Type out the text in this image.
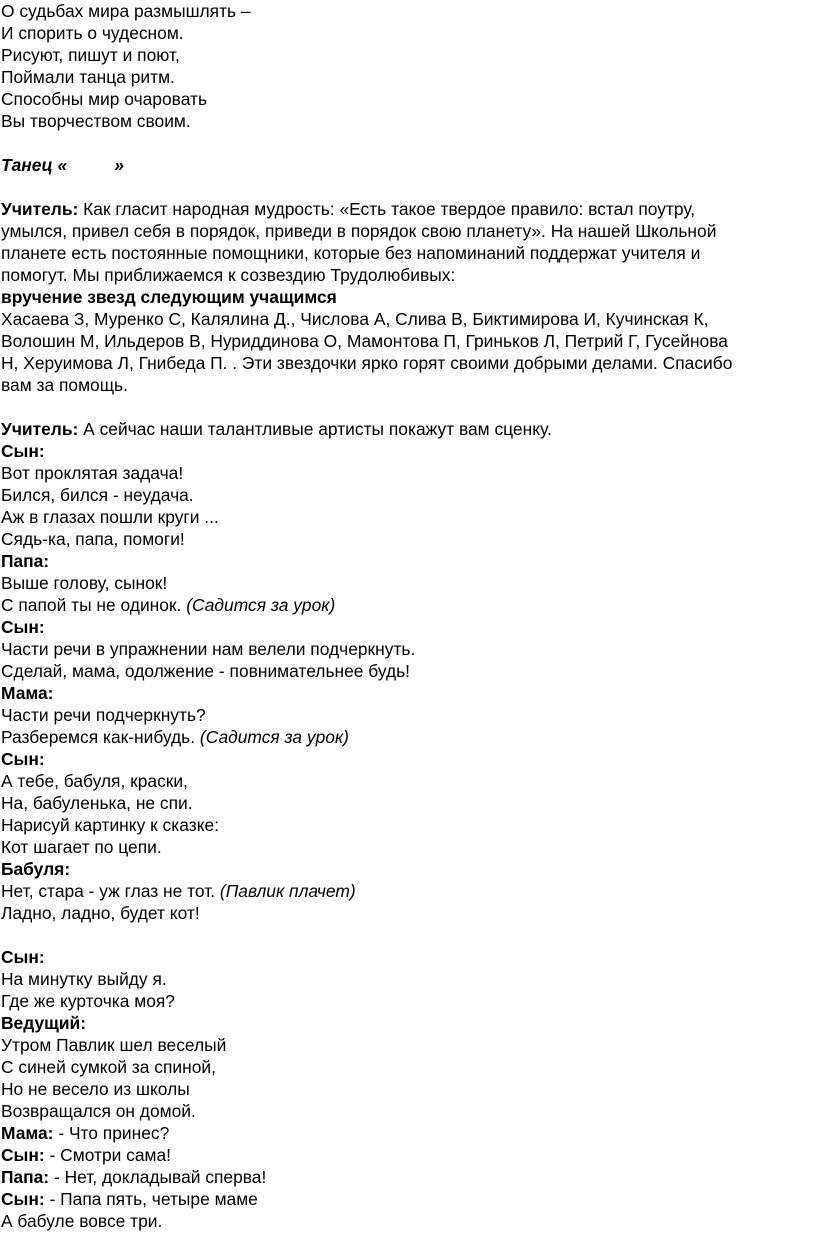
О судьбах мира размышлять –
И спорить о чудесном.
Рисуют, пишут и поют,
Поймали танца ритм.
Способны мир очаровать
Вы творчеством своим.
Танец «	»
Учитель: Как гласит народная мудрость: «Есть такое твердое правило: встал поутру,
умылся, привел себя в порядок, приведи в порядок свою планету». На нашей Школьной
планете есть постоянные помощники, которые без напоминаний поддержат учителя и
помогут. Мы приближаемся к созвездию Трудолюбивых:
вручение звезд следующим учащимся
Хасаева З, Муренко С, Калялина Д., Числова А, Слива В, Биктимирова И, Кучинская К,
Волошин М, Ильдеров В, Нуриддинова О, Мамонтова П, Гриньков Л, Петрий Г, Гусейнова
Н, Херуимова Л, Гнибеда П. . Эти звездочки ярко горят своими добрыми делами. Спасибо
вам за помощь.
Учитель: А сейчас наши талантливые артисты покажут вам сценку.
Сын:
Вот проклятая задача!
Бился, бился - неудача.
Аж в глазах пошли круги ...
Сядь-ка, папа, помоги!
Папа:
Выше голову, сынок!
С папой ты не одинок. (Садится за урок)
Сын:
Части речи в упражнении нам велели подчеркнуть.
Сделай, мама, одолжение - повнимательнее будь!
Мама:
Части речи подчеркнуть?
Разберемся как-нибудь. (Садится за урок)
Сын:
А тебе, бабуля, краски,
На, бабуленька, не спи.
Нарисуй картинку к сказке:
Кот шагает по цепи.
Бабуля:
Нет, стара - уж глаз не тот. (Павлик плачет)
Ладно, ладно, будет кот!
Сын:
На минутку выйду я.
Где же курточка моя?
Ведущий:
Утром Павлик шел веселый
С синей сумкой за спиной,
Но не весело из школы
Возвращался он домой.
Мама: - Что принес?
Сын: - Смотри сама!
Папа: - Нет, докладывай сперва!
Сын: - Папа пять, четыре маме
А бабуле вовсе три.
